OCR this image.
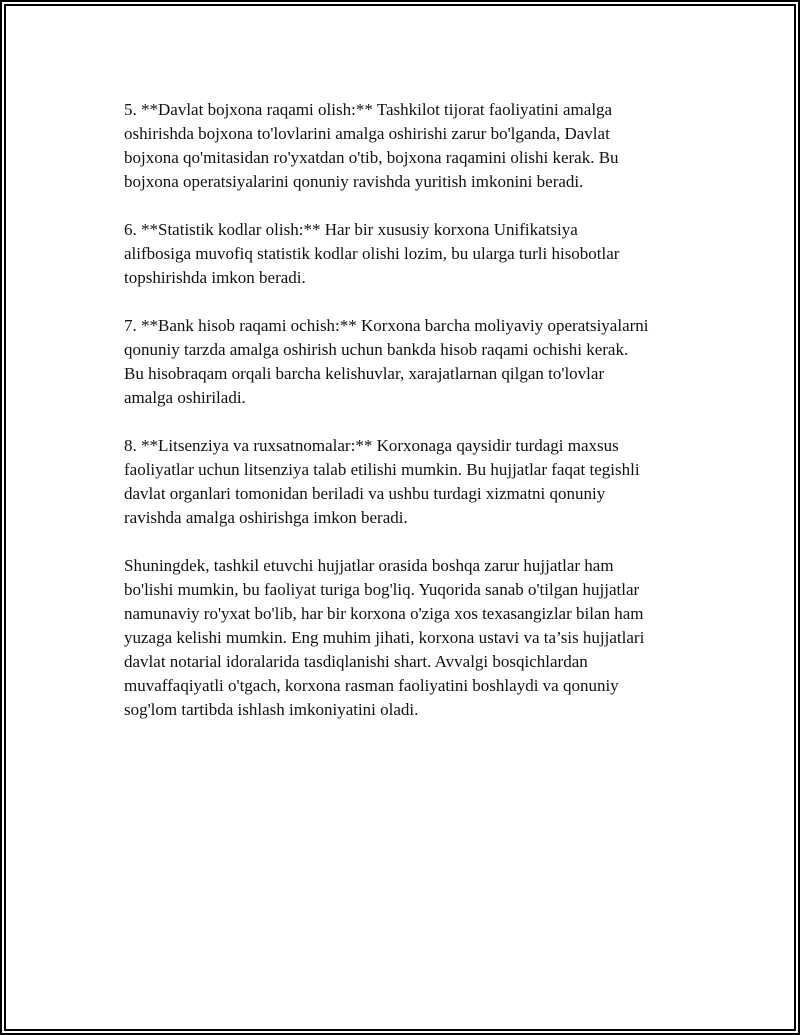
5. **Davlat bojxona raqami olish:** Tashkilot tijorat faoliyatini amalga
oshirishda bojxona to'lovlarini amalga oshirishi zarur bo'lganda, Davlat
bojxona qo'mitasidan ro'yxatdan o'tib, bojxona raqamini olishi kerak. Bu
bojxona operatsiyalarini qonuniy ravishda yuritish imkonini beradi.

6. **Statistik kodlar olish:** Har bir xususiy korxona Unifikatsiya
alifbosiga muvofiq statistik kodlar olishi lozim, bu ularga turli hisobotlar
topshirishda imkon beradi.

7. **Bank hisob raqami ochish:** Korxona barcha moliyaviy operatsiyalarni
qonuniy tarzda amalga oshirish uchun bankda hisob raqami ochishi kerak.
Bu hisobraqam orqali barcha kelishuvlar, xarajatlarnan qilgan to'lovlar
amalga oshiriladi.

8. **Litsenziya va ruxsatnomalar:** Korxonaga qaysidir turdagi maxsus
faoliyatlar uchun litsenziya talab etilishi mumkin. Bu hujjatlar faqat tegishli
davlat organlari tomonidan beriladi va ushbu turdagi xizmatni qonuniy
ravishda amalga oshirishga imkon beradi.

Shuningdek, tashkil etuvchi hujjatlar orasida boshqa zarur hujjatlar ham
bo'lishi mumkin, bu faoliyat turiga bog'liq. Yuqorida sanab o'tilgan hujjatlar
namunaviy ro'yxat bo'lib, har bir korxona o'ziga xos texasangizlar bilan ham
yuzaga kelishi mumkin. Eng muhim jihati, korxona ustavi va ta’sis hujjatlari
davlat notarial idoralarida tasdiqlanishi shart. Avvalgi bosqichlardan
muvaffaqiyatli o'tgach, korxona rasman faoliyatini boshlaydi va qonuniy
sog'lom tartibda ishlash imkoniyatini oladi.
